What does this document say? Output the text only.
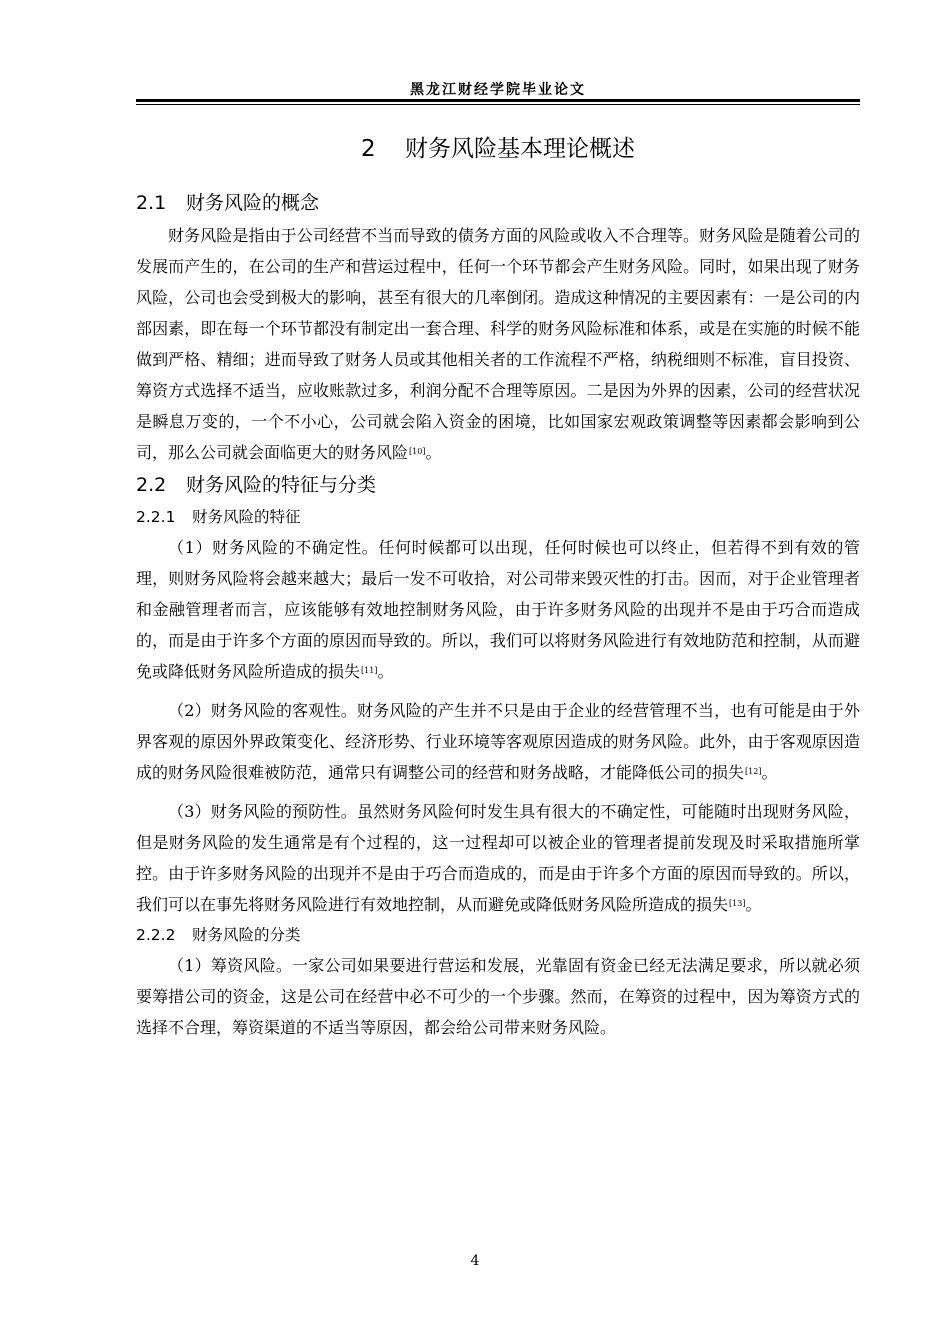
黑龙江财经学院毕业论文
2 财务风险基本理论概述
2.1 财务风险的概念

财务风险是指由于公司经营不当而导致的债务方面的风险或收入不合理等。财务风险是随着公司的发展而产生的，在公司的生产和营运过程中，任何一个环节都会产生财务风险。同时，如果出现了财务风险，公司也会受到极大的影响，甚至有很大的几率倒闭。造成这种情况的主要因素有：一是公司的内部因素，即在每一个环节都没有制定出一套合理、科学的财务风险标准和体系，或是在实施的时候不能做到严格、精细；进而导致了财务人员或其他相关者的工作流程不严格，纳税细则不标准，盲目投资、筹资方式选择不适当，应收账款过多，利润分配不合理等原因。二是因为外界的因素，公司的经营状况是瞬息万变的，一个不小心，公司就会陷入资金的困境，比如国家宏观政策调整等因素都会影响到公司，那么公司就会面临更大的财务风险[10]。

2.2 财务风险的特征与分类
2.2.1 财务风险的特征

（1）财务风险的不确定性。任何时候都可以出现，任何时候也可以终止，但若得不到有效的管理，则财务风险将会越来越大；最后一发不可收拾，对公司带来毁灭性的打击。因而，对于企业管理者和金融管理者而言，应该能够有效地控制财务风险，由于许多财务风险的出现并不是由于巧合而造成的，而是由于许多个方面的原因而导致的。所以，我们可以将财务风险进行有效地防范和控制，从而避免或降低财务风险所造成的损失[11]。

（2）财务风险的客观性。财务风险的产生并不只是由于企业的经营管理不当，也有可能是由于外界客观的原因外界政策变化、经济形势、行业环境等客观原因造成的财务风险。此外，由于客观原因造成的财务风险很难被防范，通常只有调整公司的经营和财务战略，才能降低公司的损失[12]。

（3）财务风险的预防性。虽然财务风险何时发生具有很大的不确定性，可能随时出现财务风险，但是财务风险的发生通常是有个过程的，这一过程却可以被企业的管理者提前发现及时采取措施所掌控。由于许多财务风险的出现并不是由于巧合而造成的，而是由于许多个方面的原因而导致的。所以，我们可以在事先将财务风险进行有效地控制，从而避免或降低财务风险所造成的损失[13]。

2.2.2 财务风险的分类

（1）筹资风险。一家公司如果要进行营运和发展，光靠固有资金已经无法满足要求，所以就必须要筹措公司的资金，这是公司在经营中必不可少的一个步骤。然而，在筹资的过程中，因为筹资方式的选择不合理，筹资渠道的不适当等原因，都会给公司带来财务风险。

4
